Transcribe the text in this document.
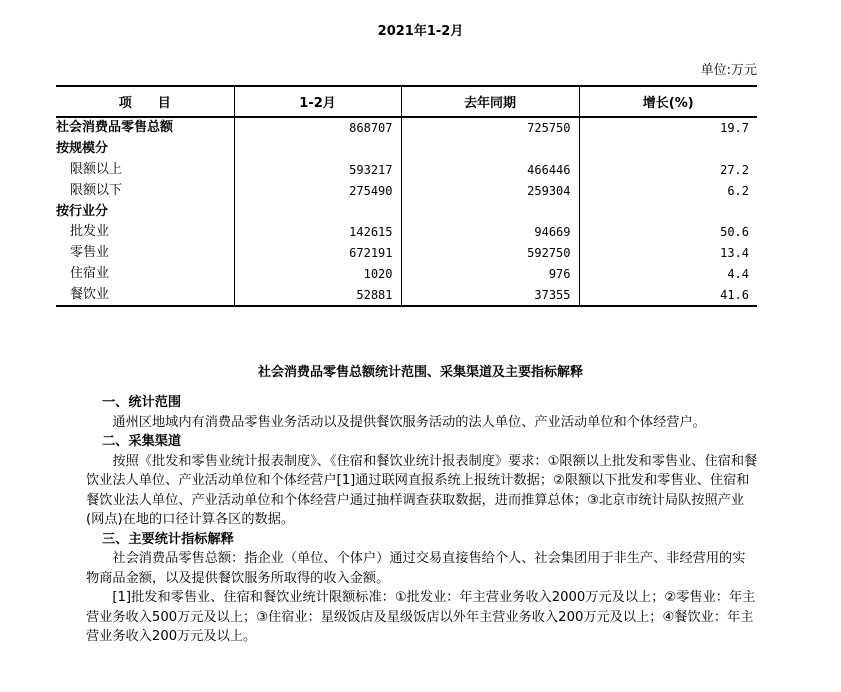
2021年1-2月
单位:万元
项　　目	1-2月	去年同期	增长(%)
社会消费品零售总额	868707	725750	19.7
按规模分			
限额以上	593217	466446	27.2
限额以下	275490	259304	6.2
按行业分			
批发业	142615	94669	50.6
零售业	672191	592750	13.4
住宿业	1020	976	4.4
餐饮业	52881	37355	41.6
社会消费品零售总额统计范围、采集渠道及主要指标解释
一、统计范围

通州区地域内有消费品零售业务活动以及提供餐饮服务活动的法人单位、产业活动单位和个体经营户。

二、采集渠道

按照《批发和零售业统计报表制度》、《住宿和餐饮业统计报表制度》要求：①限额以上批发和零售业、住宿和餐饮业法人单位、产业活动单位和个体经营户[1]通过联网直报系统上报统计数据；②限额以下批发和零售业、住宿和餐饮业法人单位、产业活动单位和个体经营户通过抽样调查获取数据，进而推算总体；③北京市统计局队按照产业(网点)在地的口径计算各区的数据。

三、主要统计指标解释

社会消费品零售总额：指企业（单位、个体户）通过交易直接售给个人、社会集团用于非生产、非经营用的实物商品金额，以及提供餐饮服务所取得的收入金额。

[1]批发和零售业、住宿和餐饮业统计限额标准：①批发业：年主营业务收入2000万元及以上；②零售业：年主营业务收入500万元及以上；③住宿业：星级饭店及星级饭店以外年主营业务收入200万元及以上；④餐饮业：年主营业务收入200万元及以上。
